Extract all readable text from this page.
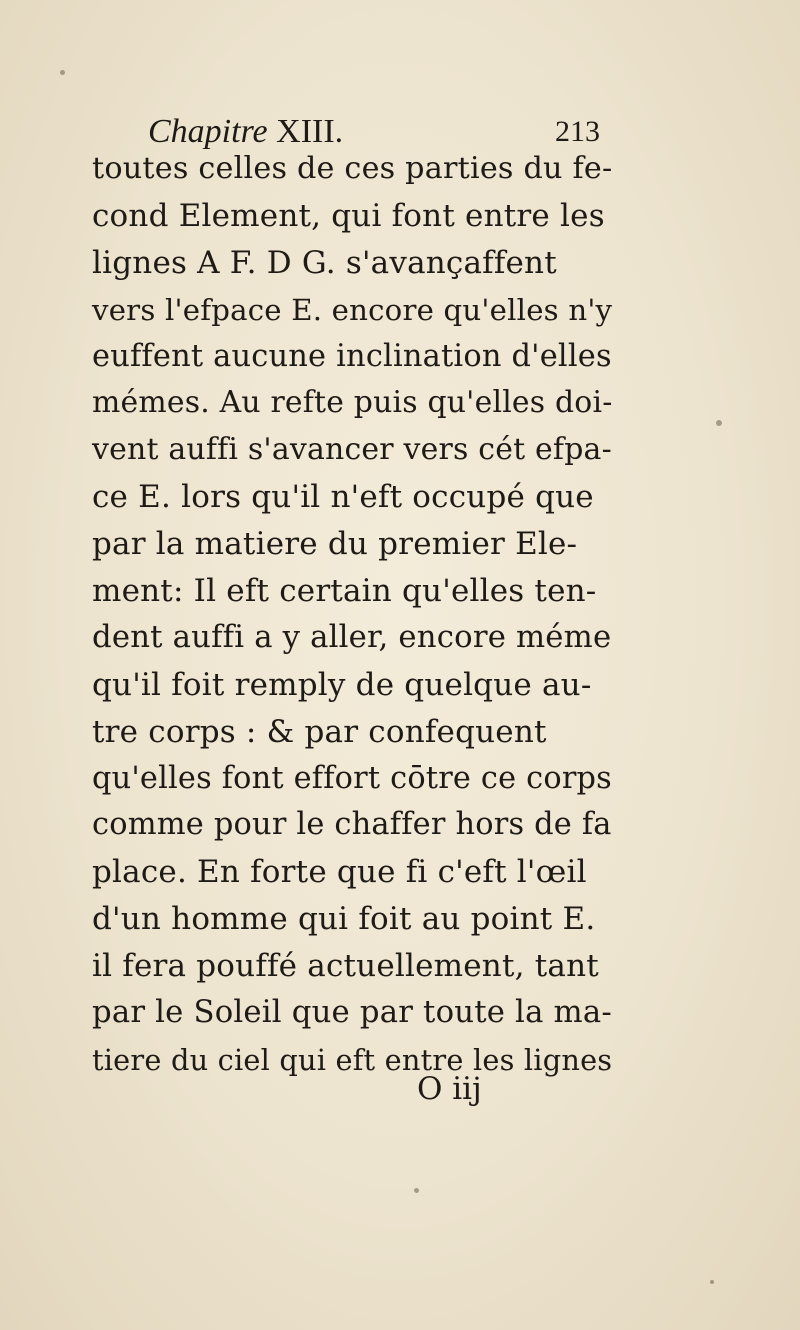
Chapitre XIII.	213
toutes celles de ces parties du fe-
cond Element, qui font entre les
lignes A F. D G. s'avançaffent
vers l'efpace E. encore qu'elles n'y
euffent aucune inclination d'elles
mémes. Au refte puis qu'elles doi-
vent auffi s'avancer vers cét efpa-
ce E. lors qu'il n'eft occupé que
par la matiere du premier Ele-
ment: Il eft certain qu'elles ten-
dent auffi a y aller, encore méme
qu'il foit remply de quelque au-
tre corps : & par confequent
qu'elles font effort cōtre ce corps
comme pour le chaffer hors de fa
place. En forte que fi c'eft l'œil
d'un homme qui foit au point E.
il fera pouffé actuellement, tant
par le Soleil que par toute la ma-
tiere du ciel qui eft entre les lignes
O iij
